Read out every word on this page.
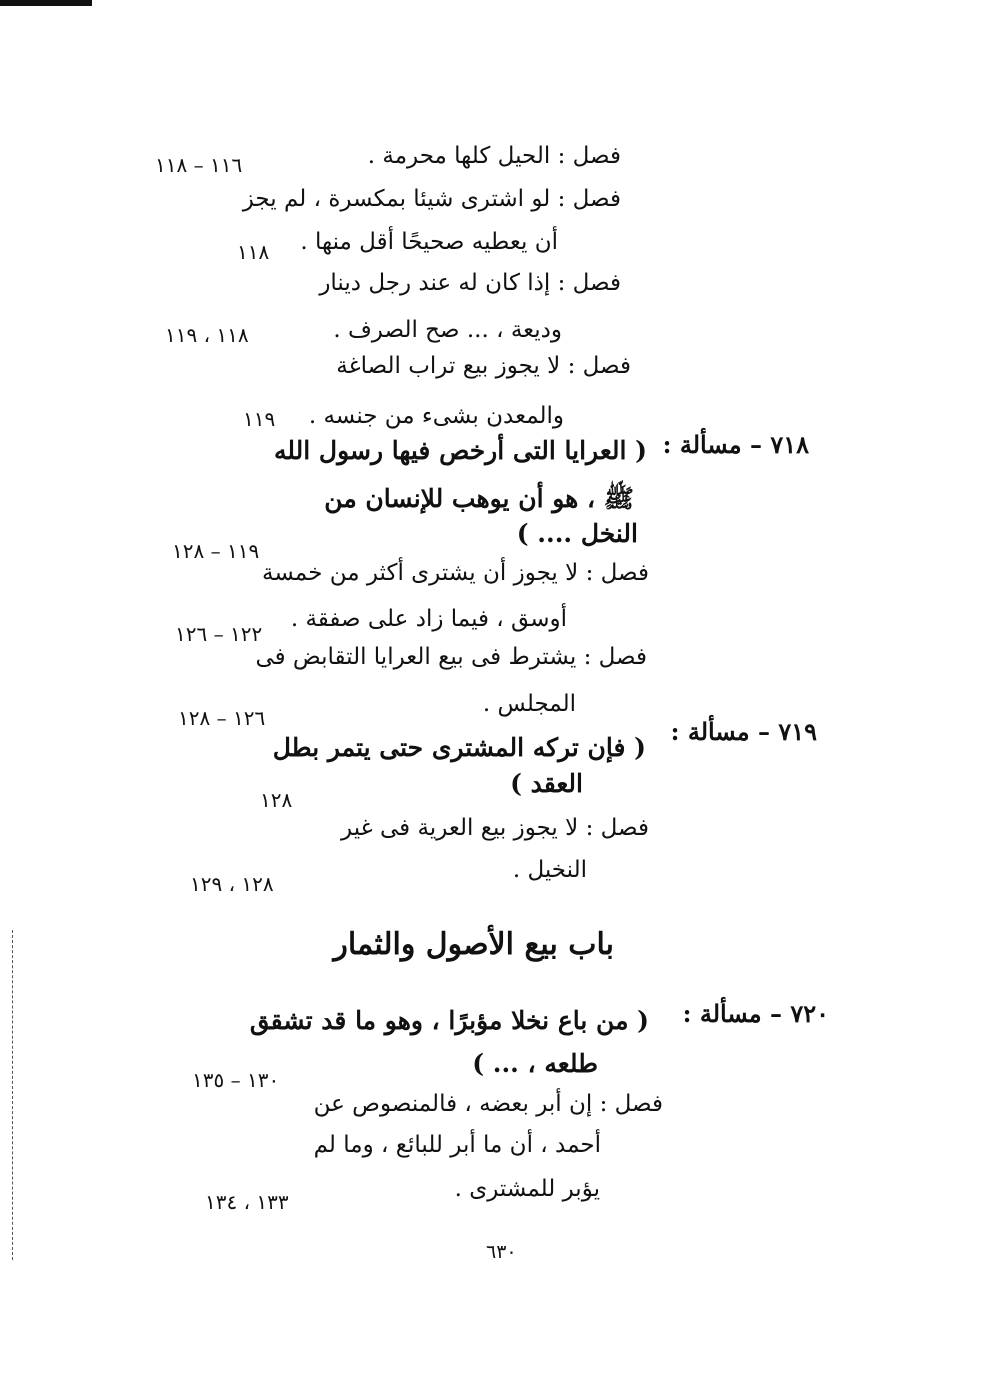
فصل : الحيل كلها محرمة .
فصل : لو اشترى شيئا بمكسرة ، لم يجز
أن يعطيه صحيحًا أقل منها .
فصل : إذا كان له عند رجل دينار
وديعة ، ... صح الصرف .
فصل : لا يجوز بيع تراب الصاغة
والمعدن بشىء من جنسه .
٧١٨ – مسألة :
( العرايا التى أرخص فيها رسول الله
ﷺ ، هو أن يوهب للإنسان من
النخل .... )
فصل : لا يجوز أن يشترى أكثر من خمسة
أوسق ، فيما زاد على صفقة .
فصل : يشترط فى بيع العرايا التقابض فى
المجلس .
٧١٩ – مسألة :
( فإن تركه المشترى حتى يتمر بطل
العقد )
فصل : لا يجوز بيع العرية فى غير
النخيل .
باب بيع الأصول والثمار
٧٢٠ – مسألة :
( من باع نخلا مؤبرًا ، وهو ما قد تشقق
طلعه ، ... )
فصل : إن أبر بعضه ، فالمنصوص عن
أحمد ، أن ما أبر للبائع ، وما لم
يؤبر للمشترى .
١١٦ – ١١٨
١١٨
١١٨ ، ١١٩
١١٩
١١٩ – ١٢٨
١٢٢ – ١٢٦
١٢٦ – ١٢٨
١٢٨
١٢٨ ، ١٢٩
١٣٠ – ١٣٥
١٣٣ ، ١٣٤
٦٣٠
